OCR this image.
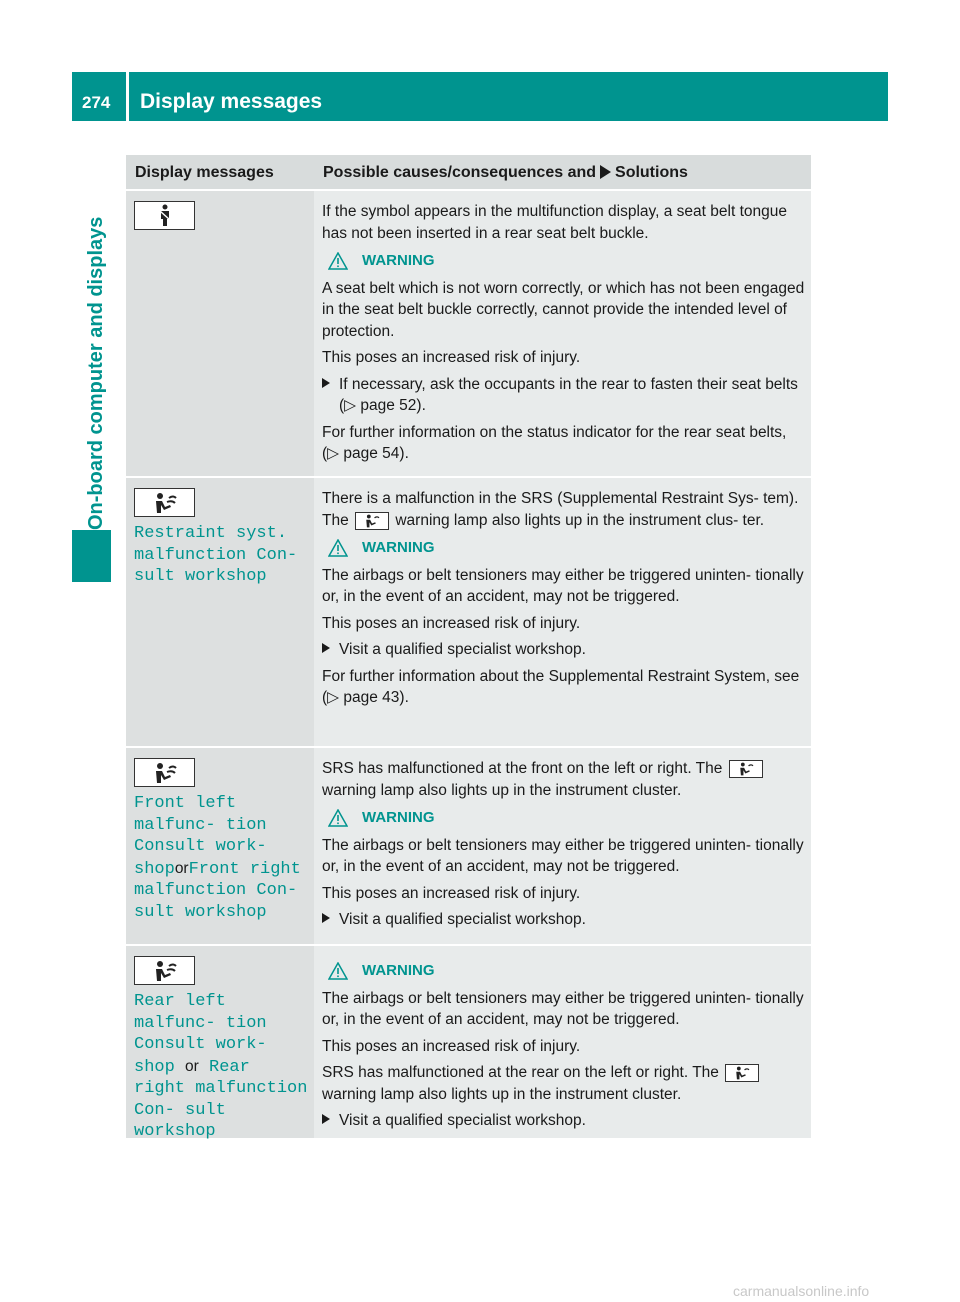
274 Display messages
On-board computer and displays
Display messages	Possible causes/consequences and Solutions

If the symbol appears in the multifunction display, a seat belt tongue has not been inserted in a rear seat belt buckle.

WARNING

A seat belt which is not worn correctly, or which has not been engaged in the seat belt buckle correctly, cannot provide the intended level of protection.

This poses an increased risk of injury.

If necessary, ask the occupants in the rear to fasten their seat belts (▷ page 52).

For further information on the status indicator for the rear seat belts, (▷ page 54).

Restraint syst. malfunction Con‐ sult workshop

There is a malfunction in the SRS (Supplemental Restraint Sys- tem). The	warning lamp also lights up in the instrument clus- ter.

WARNING

The airbags or belt tensioners may either be triggered uninten- tionally or, in the event of an accident, may not be triggered.

This poses an increased risk of injury.

Visit a qualified specialist workshop.

For further information about the Supplemental Restraint System, see (▷ page 43).

Front left malfunc‐ tion Consult work‐ shoporFront right malfunction Con‐ sult workshop

SRS has malfunctioned at the front on the left or right. The
warning lamp also lights up in the instrument cluster.

WARNING

The airbags or belt tensioners may either be triggered uninten- tionally or, in the event of an accident, may not be triggered.

This poses an increased risk of injury.

Visit a qualified specialist workshop.

Rear left malfunc‐ tion Consult work‐ shop or Rear right malfunction Con‐ sult workshop
WARNING

The airbags or belt tensioners may either be triggered uninten- tionally or, in the event of an accident, may not be triggered.

This poses an increased risk of injury.

SRS has malfunctioned at the rear on the left or right. The
warning lamp also lights up in the instrument cluster.

Visit a qualified specialist workshop.

carmanualsonline.info
